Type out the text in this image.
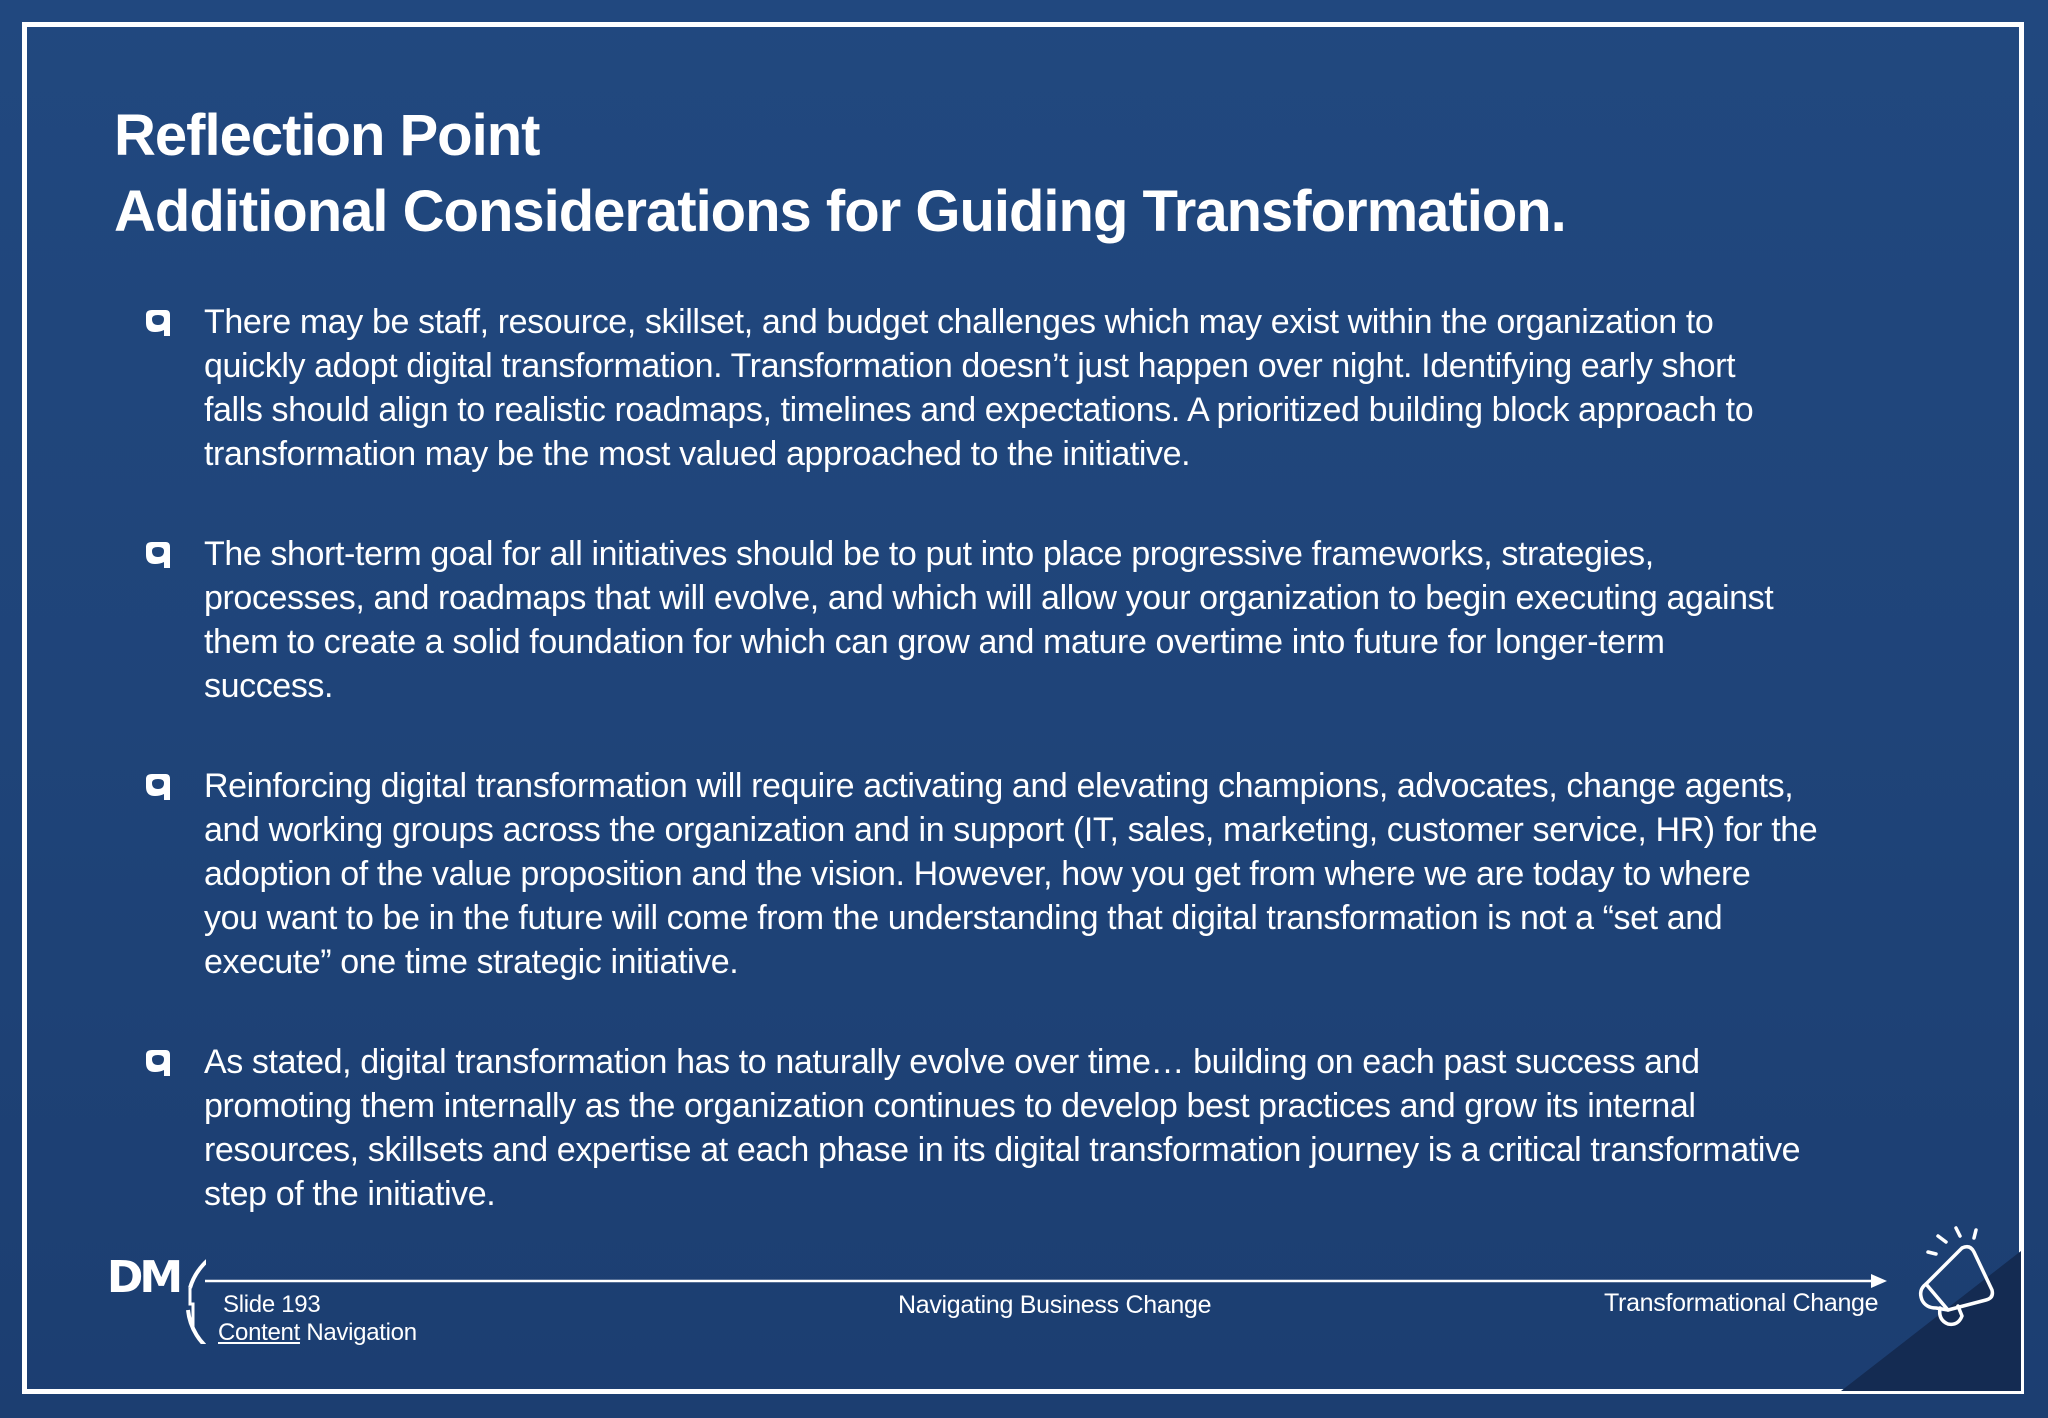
Reflection Point
Additional Considerations for Guiding Transformation.
There may be staff, resource, skillset, and budget challenges which may exist within the organization to
quickly adopt digital transformation. Transformation doesn’t just happen over night. Identifying early short
falls should align to realistic roadmaps, timelines and expectations. A prioritized building block approach to
transformation may be the most valued approached to the initiative.
The short-term goal for all initiatives should be to put into place progressive frameworks, strategies,
processes, and roadmaps that will evolve, and which will allow your organization to begin executing against
them to create a solid foundation for which can grow and mature overtime into future for longer-term
success.
Reinforcing digital transformation will require activating and elevating champions, advocates, change agents,
and working groups across the organization and in support (IT, sales, marketing, customer service, HR) for the
adoption of the value proposition and the vision. However, how you get from where we are today to where
you want to be in the future will come from the understanding that digital transformation is not a “set and
execute” one time strategic initiative.
As stated, digital transformation has to naturally evolve over time… building on each past success and
promoting them internally as the organization continues to develop best practices and grow its internal
resources, skillsets and expertise at each phase in its digital transformation journey is a critical transformative
step of the initiative.
DM
Slide 193
Content Navigation
Navigating Business Change	Transformational Change
